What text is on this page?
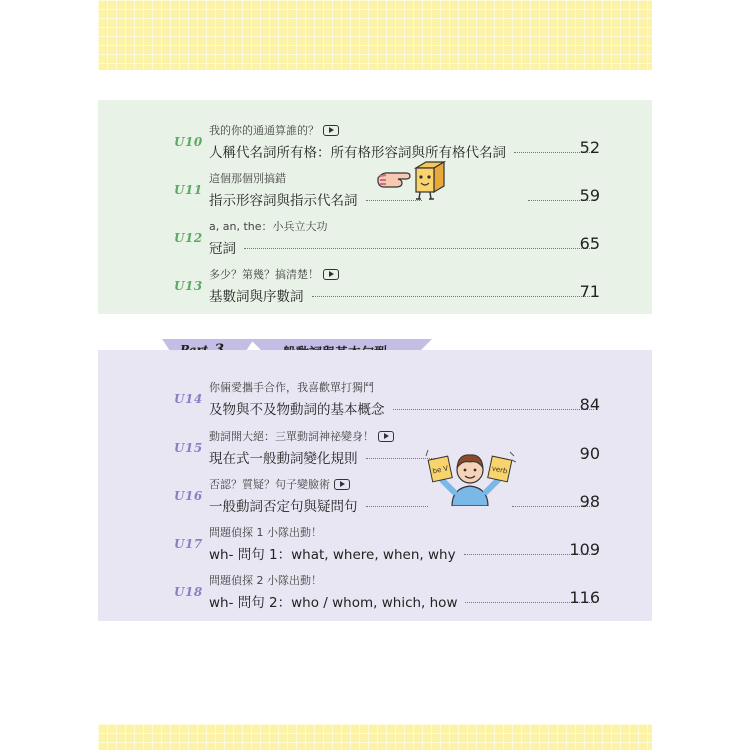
U10
我的你的通通算誰的？
人稱代名詞所有格：所有格形容詞與所有格代名詞	52
U11
這個那個別搞錯
指示形容詞與指示代名詞	59
U12
a, an, the：小兵立大功
冠詞	65
U13
多少？第幾？搞清楚！
基數詞與序數詞	71
U14
你倆愛攜手合作，我喜歡單打獨鬥
及物與不及物動詞的基本概念	84
U15
動詞開大絕：三單動詞神祕變身！
現在式一般動詞變化規則	90
U16
否認？質疑？句子變臉術
一般動詞否定句與疑問句	98
U17
問題偵探 1 小隊出動！
wh- 問句 1：what, where, when, why	109
U18
問題偵探 2 小隊出動！
wh- 問句 2：who / whom, which, how	116
be V	verb
